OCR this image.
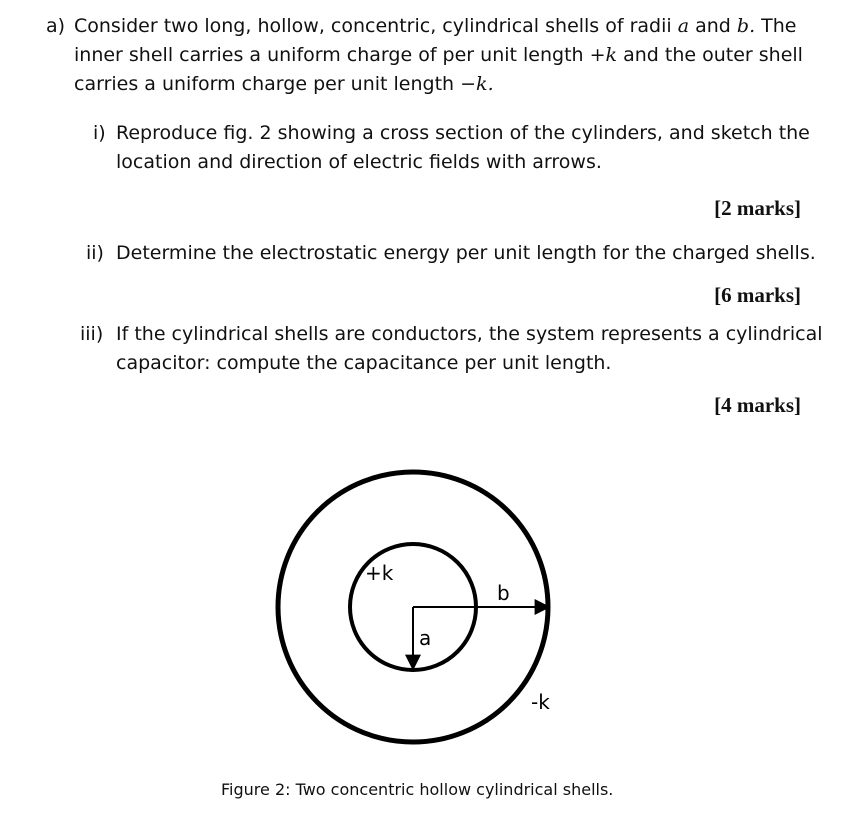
a) Consider two long, hollow, concentric, cylindrical shells of radii a and b. The
inner shell carries a uniform charge of per unit length +k and the outer shell
carries a uniform charge per unit length −k.
i) Reproduce fig. 2 showing a cross section of the cylinders, and sketch the
location and direction of electric fields with arrows.
[2 marks]
ii) Determine the electrostatic energy per unit length for the charged shells.
[6 marks]
iii) If the cylindrical shells are conductors, the system represents a cylindrical
capacitor: compute the capacitance per unit length.
[4 marks]
+k
b
a
-k
Figure 2: Two concentric hollow cylindrical shells.
